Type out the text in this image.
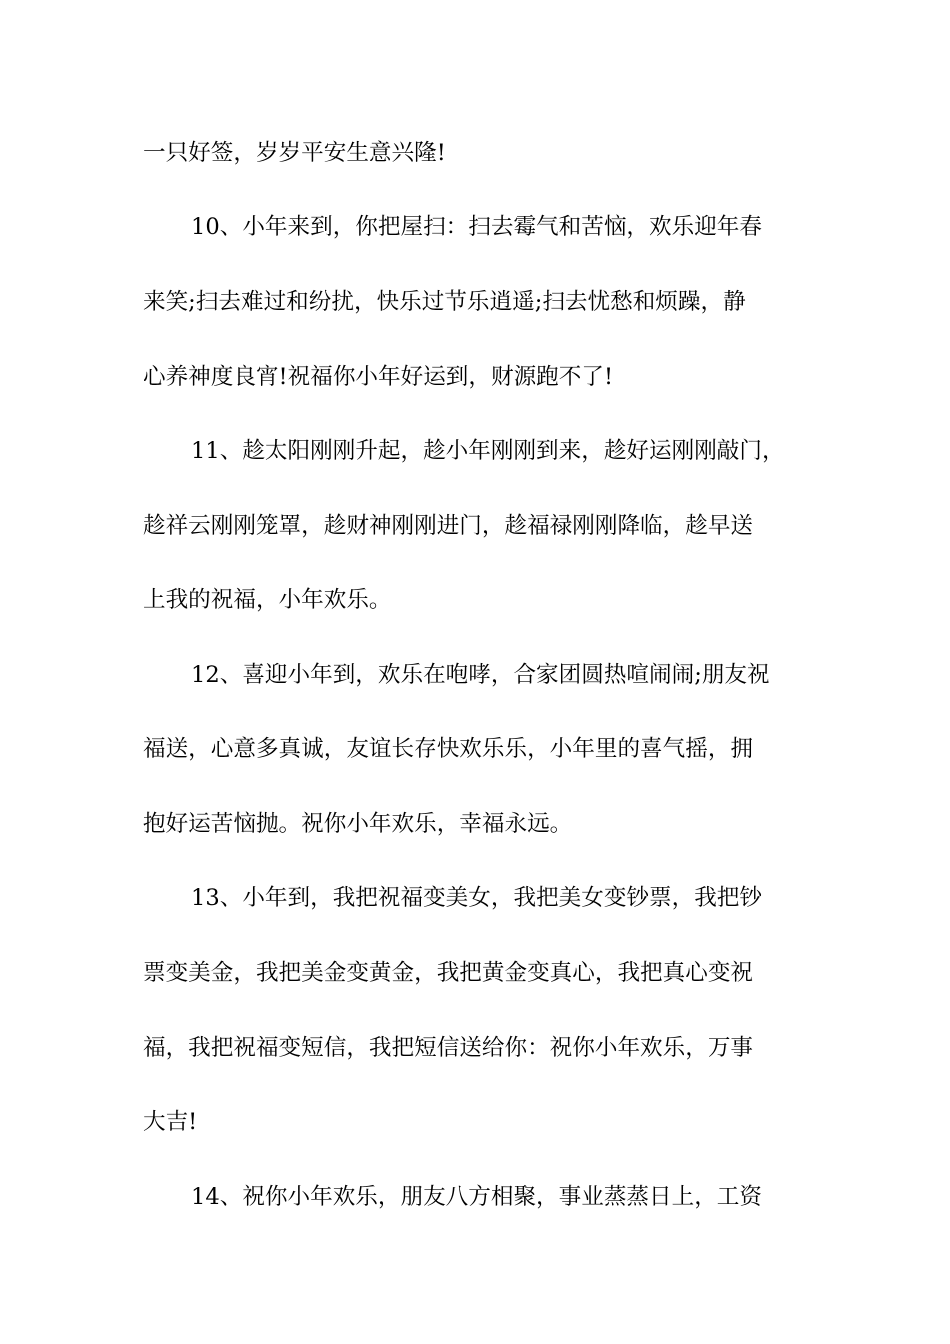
一只好签，岁岁平安生意兴隆!
10、小年来到，你把屋扫：扫去霉气和苦恼，欢乐迎年春
来笑;扫去难过和纷扰，快乐过节乐逍遥;扫去忧愁和烦躁，静
心养神度良宵!祝福你小年好运到，财源跑不了!
11、趁太阳刚刚升起，趁小年刚刚到来，趁好运刚刚敲门，
趁祥云刚刚笼罩，趁财神刚刚进门，趁福禄刚刚降临，趁早送
上我的祝福，小年欢乐。
12、喜迎小年到，欢乐在咆哮，合家团圆热喧闹闹;朋友祝
福送，心意多真诚，友谊长存快欢乐乐，小年里的喜气摇，拥
抱好运苦恼抛。祝你小年欢乐，幸福永远。
13、小年到，我把祝福变美女，我把美女变钞票，我把钞
票变美金，我把美金变黄金，我把黄金变真心，我把真心变祝
福，我把祝福变短信，我把短信送给你：祝你小年欢乐，万事
大吉!
14、祝你小年欢乐，朋友八方相聚，事业蒸蒸日上，工资
